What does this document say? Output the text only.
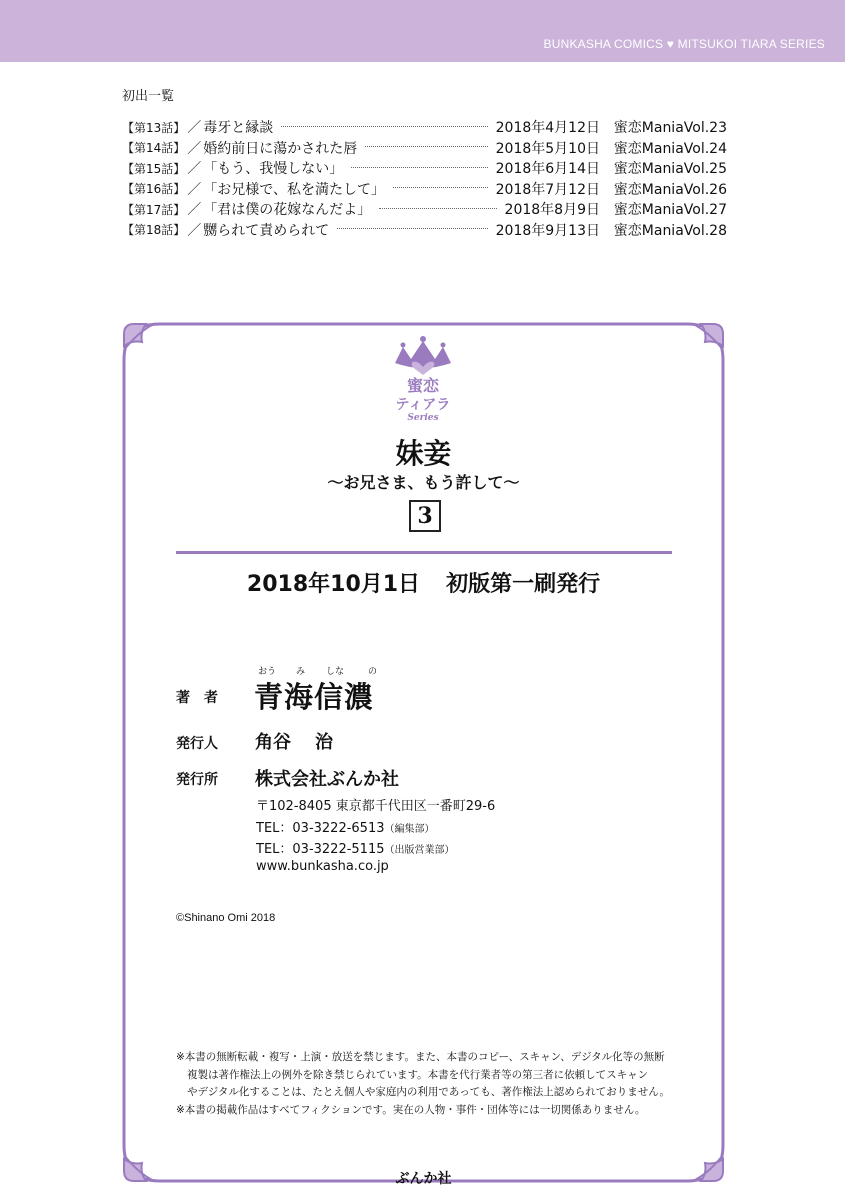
BUNKASHA COMICS ♥ MITSUKOI TIARA SERIES
初出一覧
【第13話】 ／ 毒牙と縁談	2018年4月12日 蜜恋ManiaVol.23
【第14話】 ／ 婚約前日に蕩かされた唇	2018年5月10日 蜜恋ManiaVol.24
【第15話】 ／ 「もう、我慢しない」	2018年6月14日 蜜恋ManiaVol.25
【第16話】 ／ 「お兄様で、私を満たして」	2018年7月12日 蜜恋ManiaVol.26
【第17話】 ／ 「君は僕の花嫁なんだよ」	2018年8月9日 蜜恋ManiaVol.27
【第18話】 ／ 嬲られて責められて	2018年9月13日 蜜恋ManiaVol.28
蜜恋
ティアラ
Series
妹妾
〜お兄さま、もう許して〜
3
2018年10月1日 初版第一刷発行
著　者
おう み しな	の
青海信濃
発行人 角谷 治
発行所 株式会社ぶんか社
〒102-8405 東京都千代田区一番町29-6
TEL：03-3222-6513（編集部）
TEL：03-3222-5115（出版営業部）
www.bunkasha.co.jp
©Shinano Omi 2018
※本書の無断転載・複写・上演・放送を禁じます。また、本書のコピー、スキャン、デジタル化等の無断
複製は著作権法上の例外を除き禁じられています。本書を代行業者等の第三者に依頼してスキャン
やデジタル化することは、たとえ個人や家庭内の利用であっても、著作権法上認められておりません。
※本書の掲載作品はすべてフィクションです。実在の人物・事件・団体等には一切関係ありません。
ぶんか社
